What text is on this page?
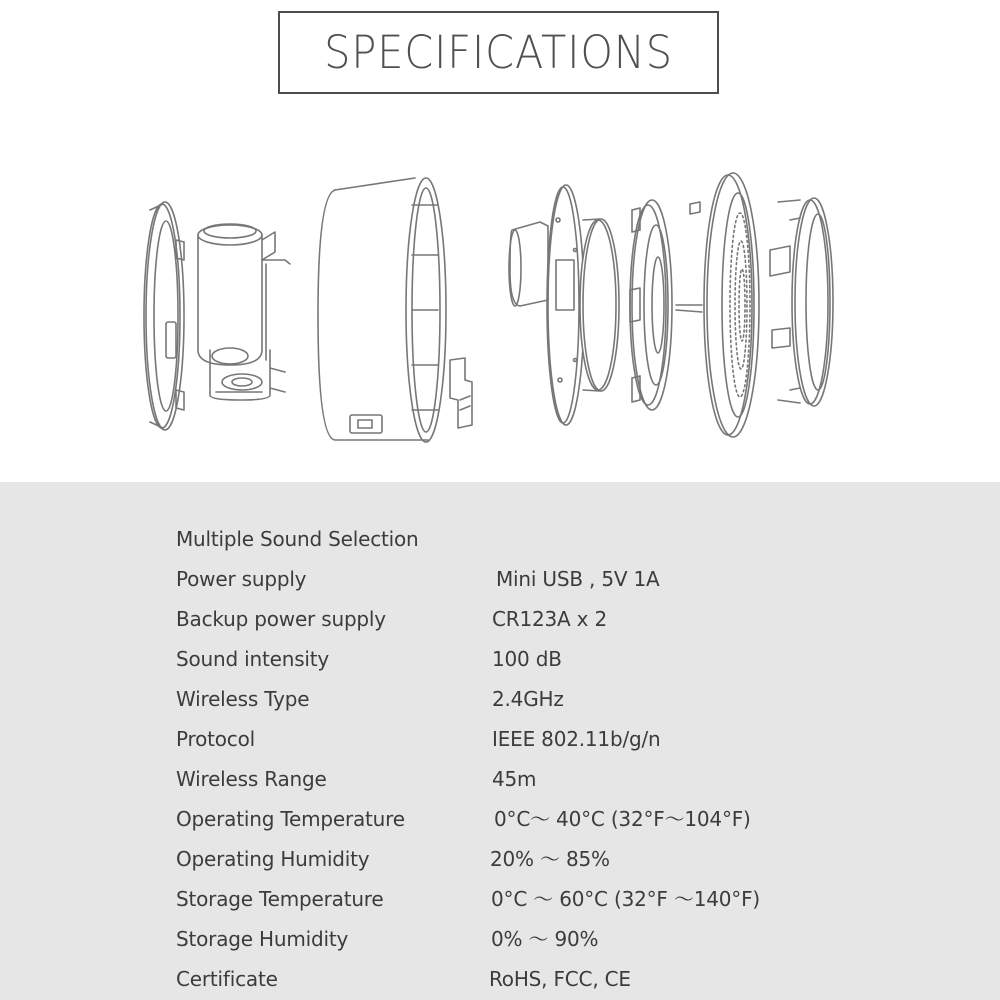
SPECIFICATIONS
Multiple Sound Selection
Power supply	Mini USB , 5V 1A
Backup power supply	CR123A x 2
Sound intensity	100 dB
Wireless Type	2.4GHz
Protocol	IEEE 802.11b/g/n
Wireless Range	45m
Operating Temperature	0°C～ 40°C (32°F～104°F)
Operating Humidity	20% ～ 85%
Storage Temperature	0°C ～ 60°C (32°F ～140°F)
Storage Humidity	0% ～ 90%
Certificate	RoHS, FCC, CE
